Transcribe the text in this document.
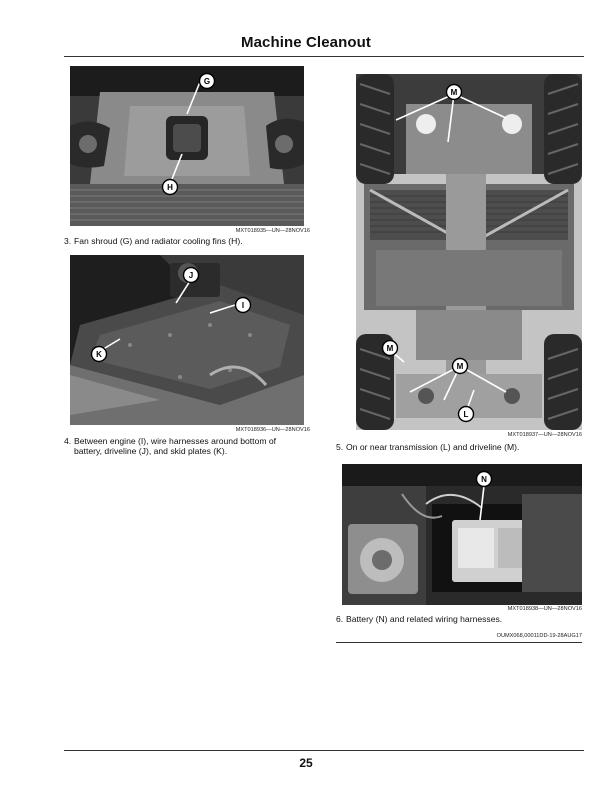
Machine Cleanout
G
H
MXT018935—UN—28NOV16
3. Fan shroud (G) and radiator cooling fins (H).
J
I
K
MXT018936—UN—28NOV16
4. Between engine (I), wire harnesses around bottom of
battery, driveline (J), and skid plates (K).
M
M
M
L
MXT018937—UN—28NOV16
5. On or near transmission (L) and driveline (M).
N
MXT018938—UN—28NOV16
6. Battery (N) and related wiring harnesses.
OUMX068,00011DD-19-28AUG17
25
